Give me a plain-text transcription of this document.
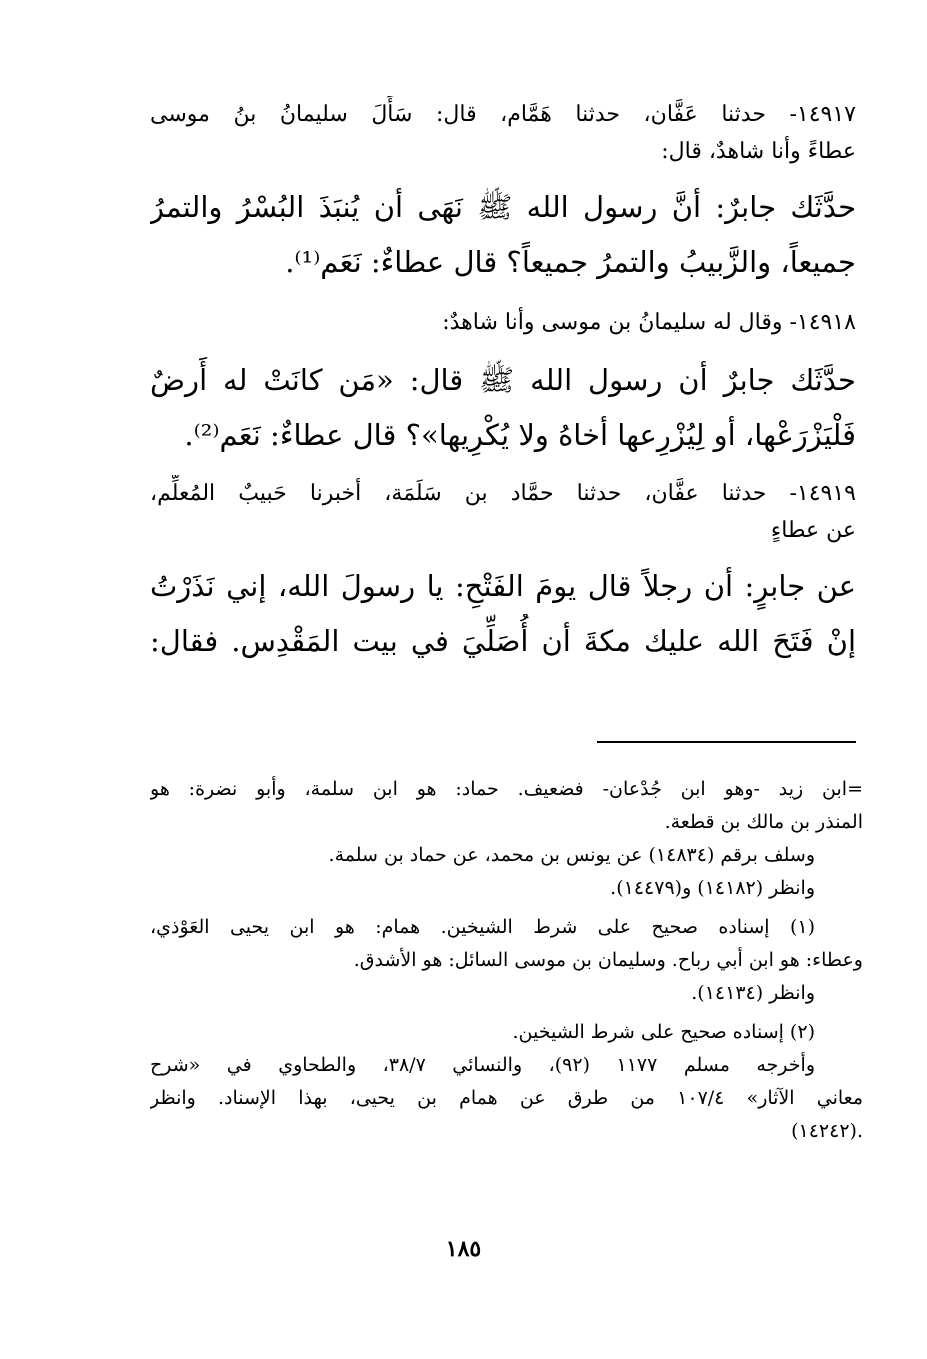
١٤٩١٧- حدثنا عَفَّان، حدثنا هَمَّام، قال: سَأَلَ سليمانُ بنُ موسى
عطاءً وأنا شاهدٌ، قال:
حدَّثَك جابرٌ: أنَّ رسول الله ﷺ نَهَى أن يُنبَذَ البُسْرُ والتمرُ
جميعاً، والزَّبيبُ والتمرُ جميعاً؟ قال عطاءٌ: نَعَم⁽¹⁾.
١٤٩١٨- وقال له سليمانُ بن موسى وأنا شاهدٌ:
حدَّثَك جابرٌ أن رسول الله ﷺ قال: «مَن كانَتْ له أَرضٌ
فَلْيَزْرَعْها، أو لِيُزْرِعها أخاهُ ولا يُكْرِيها»؟ قال عطاءٌ: نَعَم⁽²⁾.
١٤٩١٩- حدثنا عفَّان، حدثنا حمَّاد بن سَلَمَة، أخبرنا حَبيبٌ المُعلِّم،
عن عطاءٍ
عن جابرٍ: أن رجلاً قال يومَ الفَتْحِ: يا رسولَ الله، إني نَذَرْتُ
إنْ فَتَحَ الله عليك مكةَ أن أُصَلِّيَ في بيت المَقْدِس. فقال:
=ابن زيد -وهو ابن جُدْعان- فضعيف. حماد: هو ابن سلمة، وأبو نضرة: هو
المنذر بن مالك بن قطعة.
وسلف برقم (١٤٨٣٤) عن يونس بن محمد، عن حماد بن سلمة.
وانظر (١٤١٨٢) و(١٤٤٧٩).
(١) إسناده صحيح على شرط الشيخين. همام: هو ابن يحيى العَوْذي،
وعطاء: هو ابن أبي رباح. وسليمان بن موسى السائل: هو الأشدق.
وانظر (١٤١٣٤).
(٢) إسناده صحيح على شرط الشيخين.
وأخرجه مسلم ١١٧٧ (٩٢)، والنسائي ٣٨/٧، والطحاوي في «شرح
معاني الآثار» ١٠٧/٤ من طرق عن همام بن يحيى، بهذا الإسناد. وانظر
.(١٤٢٤٢)
١٨٥
